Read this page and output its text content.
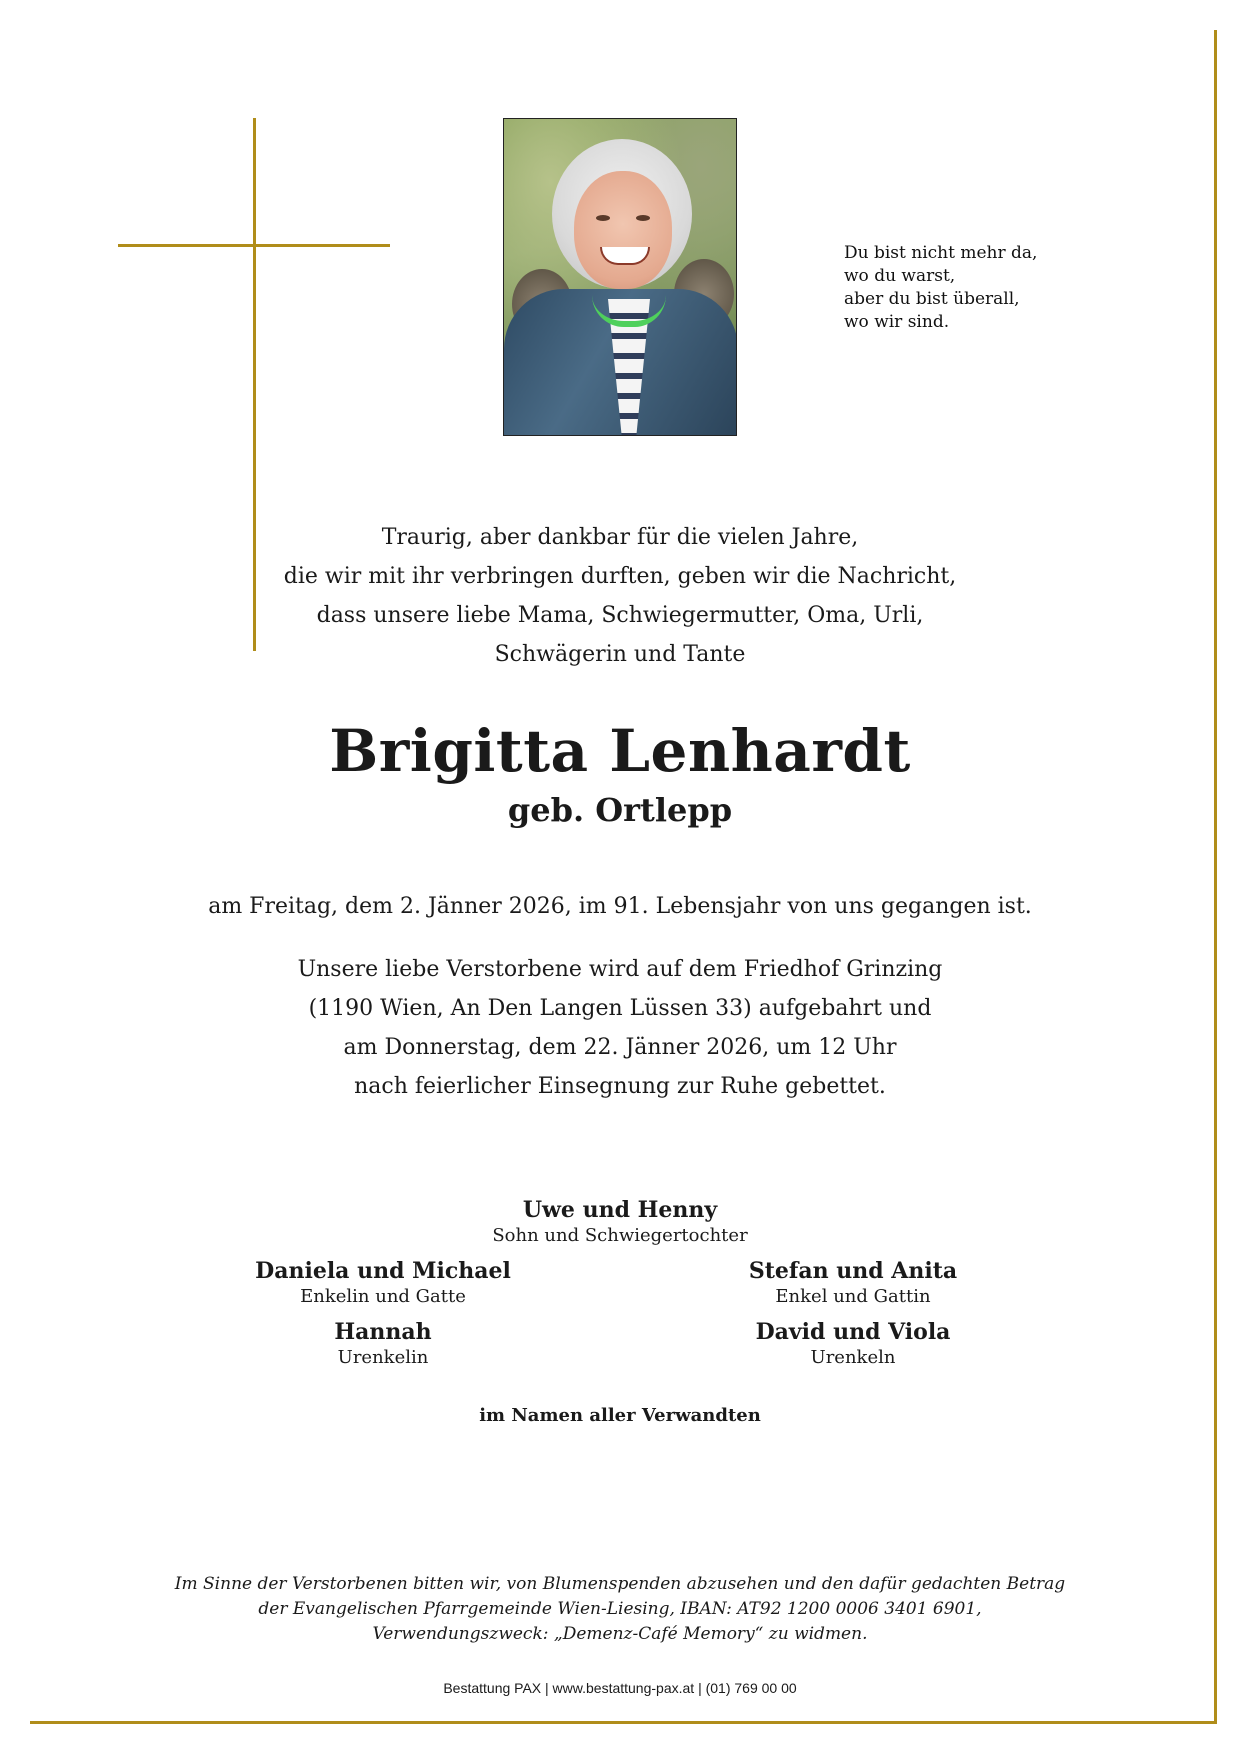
Du bist nicht mehr da,
wo du warst,
aber du bist überall,
wo wir sind.
Traurig, aber dankbar für die vielen Jahre,
die wir mit ihr verbringen durften, geben wir die Nachricht,
dass unsere liebe Mama, Schwiegermutter, Oma, Urli,
Schwägerin und Tante
Brigitta Lenhardt
geb. Ortlepp
am Freitag, dem 2. Jänner 2026, im 91. Lebensjahr von uns gegangen ist.
Unsere liebe Verstorbene wird auf dem Friedhof Grinzing
(1190 Wien, An Den Langen Lüssen 33) aufgebahrt und
am Donnerstag, dem 22. Jänner 2026, um 12 Uhr
nach feierlicher Einsegnung zur Ruhe gebettet.
Uwe und Henny
Sohn und Schwiegertochter
Daniela und Michael
Enkelin und Gatte
Stefan und Anita
Enkel und Gattin
Hannah
Urenkelin
David und Viola
Urenkeln
im Namen aller Verwandten
Im Sinne der Verstorbenen bitten wir, von Blumenspenden abzusehen und den dafür gedachten Betrag
der Evangelischen Pfarrgemeinde Wien-Liesing, IBAN: AT92 1200 0006 3401 6901,
Verwendungszweck: „Demenz-Café Memory“ zu widmen.
Bestattung PAX | www.bestattung-pax.at | (01) 769 00 00
